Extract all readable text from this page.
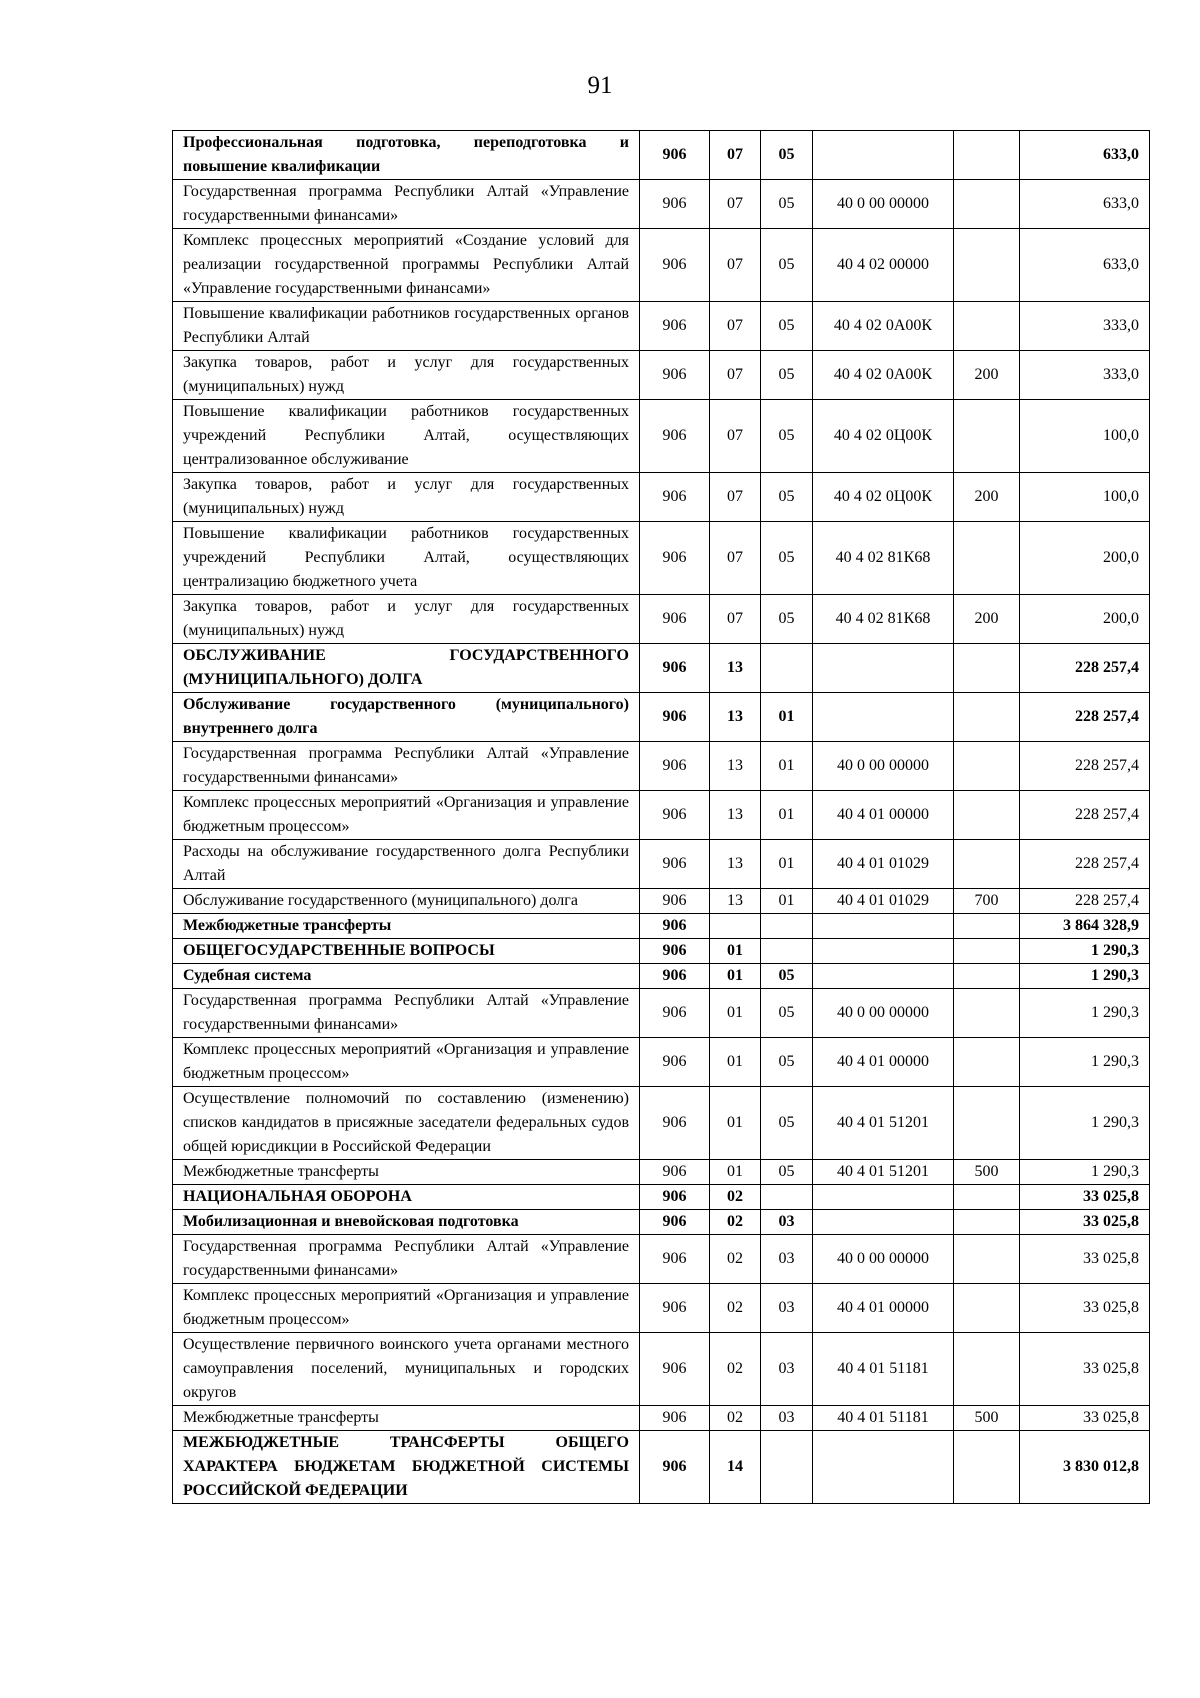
91
Профессиональная подготовка, переподготовка и повышение квалификации	906	07	05			633,0
Государственная программа Республики Алтай «Управление государственными финансами»	906	07	05	40 0 00 00000		633,0
Комплекс процессных мероприятий «Создание условий для реализации государственной программы Республики Алтай «Управление государственными финансами»	906	07	05	40 4 02 00000		633,0
Повышение квалификации работников государственных органов Республики Алтай	906	07	05	40 4 02 0А00К		333,0
Закупка товаров, работ и услуг для государственных (муниципальных) нужд	906	07	05	40 4 02 0А00К	200	333,0
Повышение квалификации работников государственных учреждений Республики Алтай, осуществляющих централизованное обслуживание	906	07	05	40 4 02 0Ц00К		100,0
Закупка товаров, работ и услуг для государственных (муниципальных) нужд	906	07	05	40 4 02 0Ц00К	200	100,0
Повышение квалификации работников государственных учреждений Республики Алтай, осуществляющих централизацию бюджетного учета	906	07	05	40 4 02 81К68		200,0
Закупка товаров, работ и услуг для государственных (муниципальных) нужд	906	07	05	40 4 02 81К68	200	200,0
ОБСЛУЖИВАНИЕ ГОСУДАРСТВЕННОГО (МУНИЦИПАЛЬНОГО) ДОЛГА	906	13				228 257,4
Обслуживание государственного (муниципального) внутреннего долга	906	13	01			228 257,4
Государственная программа Республики Алтай «Управление государственными финансами»	906	13	01	40 0 00 00000		228 257,4
Комплекс процессных мероприятий «Организация и управление бюджетным процессом»	906	13	01	40 4 01 00000		228 257,4
Расходы на обслуживание государственного долга Республики Алтай	906	13	01	40 4 01 01029		228 257,4
Обслуживание государственного (муниципального) долга	906	13	01	40 4 01 01029	700	228 257,4
Межбюджетные трансферты	906					3 864 328,9
ОБЩЕГОСУДАРСТВЕННЫЕ ВОПРОСЫ	906	01				1 290,3
Судебная система	906	01	05			1 290,3
Государственная программа Республики Алтай «Управление государственными финансами»	906	01	05	40 0 00 00000		1 290,3
Комплекс процессных мероприятий «Организация и управление бюджетным процессом»	906	01	05	40 4 01 00000		1 290,3
Осуществление полномочий по составлению (изменению) списков кандидатов в присяжные заседатели федеральных судов общей юрисдикции в Российской Федерации	906	01	05	40 4 01 51201		1 290,3
Межбюджетные трансферты	906	01	05	40 4 01 51201	500	1 290,3
НАЦИОНАЛЬНАЯ ОБОРОНА	906	02				33 025,8
Мобилизационная и вневойсковая подготовка	906	02	03			33 025,8
Государственная программа Республики Алтай «Управление государственными финансами»	906	02	03	40 0 00 00000		33 025,8
Комплекс процессных мероприятий «Организация и управление бюджетным процессом»	906	02	03	40 4 01 00000		33 025,8
Осуществление первичного воинского учета органами местного самоуправления поселений, муниципальных и городских округов	906	02	03	40 4 01 51181		33 025,8
Межбюджетные трансферты	906	02	03	40 4 01 51181	500	33 025,8
МЕЖБЮДЖЕТНЫЕ ТРАНСФЕРТЫ ОБЩЕГО ХАРАКТЕРА БЮДЖЕТАМ БЮДЖЕТНОЙ СИСТЕМЫ РОССИЙСКОЙ ФЕДЕРАЦИИ	906	14				3 830 012,8
